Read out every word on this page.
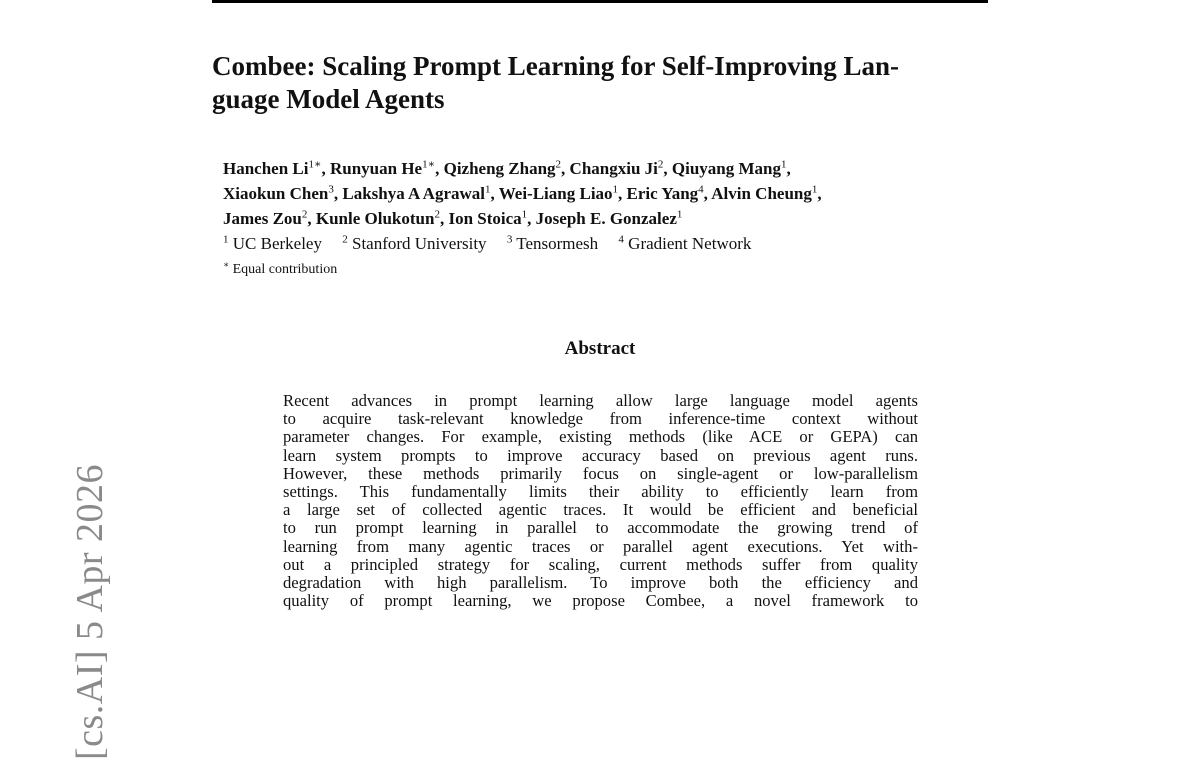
[cs.AI] 5 Apr 2026
Combee: Scaling Prompt Learning for Self-Improving Lan-
guage Model Agents
Hanchen $Li^{1∗}$, Runyuan $He^{1∗}$, Qizheng Zhang$^2$, Changxiu Ji$^2$, Qiuyang Mang$^1$,
Xiaokun Chen$^3$, Lakshya A Agrawal$^1$, Wei-Liang Liao$^1$, Eric Yang$^4$, Alvin Cheung$^1$,
James Zou$^2$, Kunle Olukotun$^2$, Ion Stoica$^1$, Joseph E. Gonzalez$^1$
$^1$ UC Berkeley $^2$ Stanford University $^3$ Tensormesh $^4$ Gradient Network
∗ Equal contribution
Abstract
Recent advances in prompt learning allow large language model agents
to acquire task-relevant knowledge from inference-time context without
parameter changes. For example, existing methods (like ACE or GEPA) can
learn system prompts to improve accuracy based on previous agent runs.
However, these methods primarily focus on single-agent or low-parallelism
settings. This fundamentally limits their ability to efficiently learn from
a large set of collected agentic traces. It would be efficient and beneficial
to run prompt learning in parallel to accommodate the growing trend of
learning from many agentic traces or parallel agent executions. Yet with-
out a principled strategy for scaling, current methods suffer from quality
degradation with high parallelism. To improve both the efficiency and
quality of prompt learning, we propose Combee, a novel framework to
